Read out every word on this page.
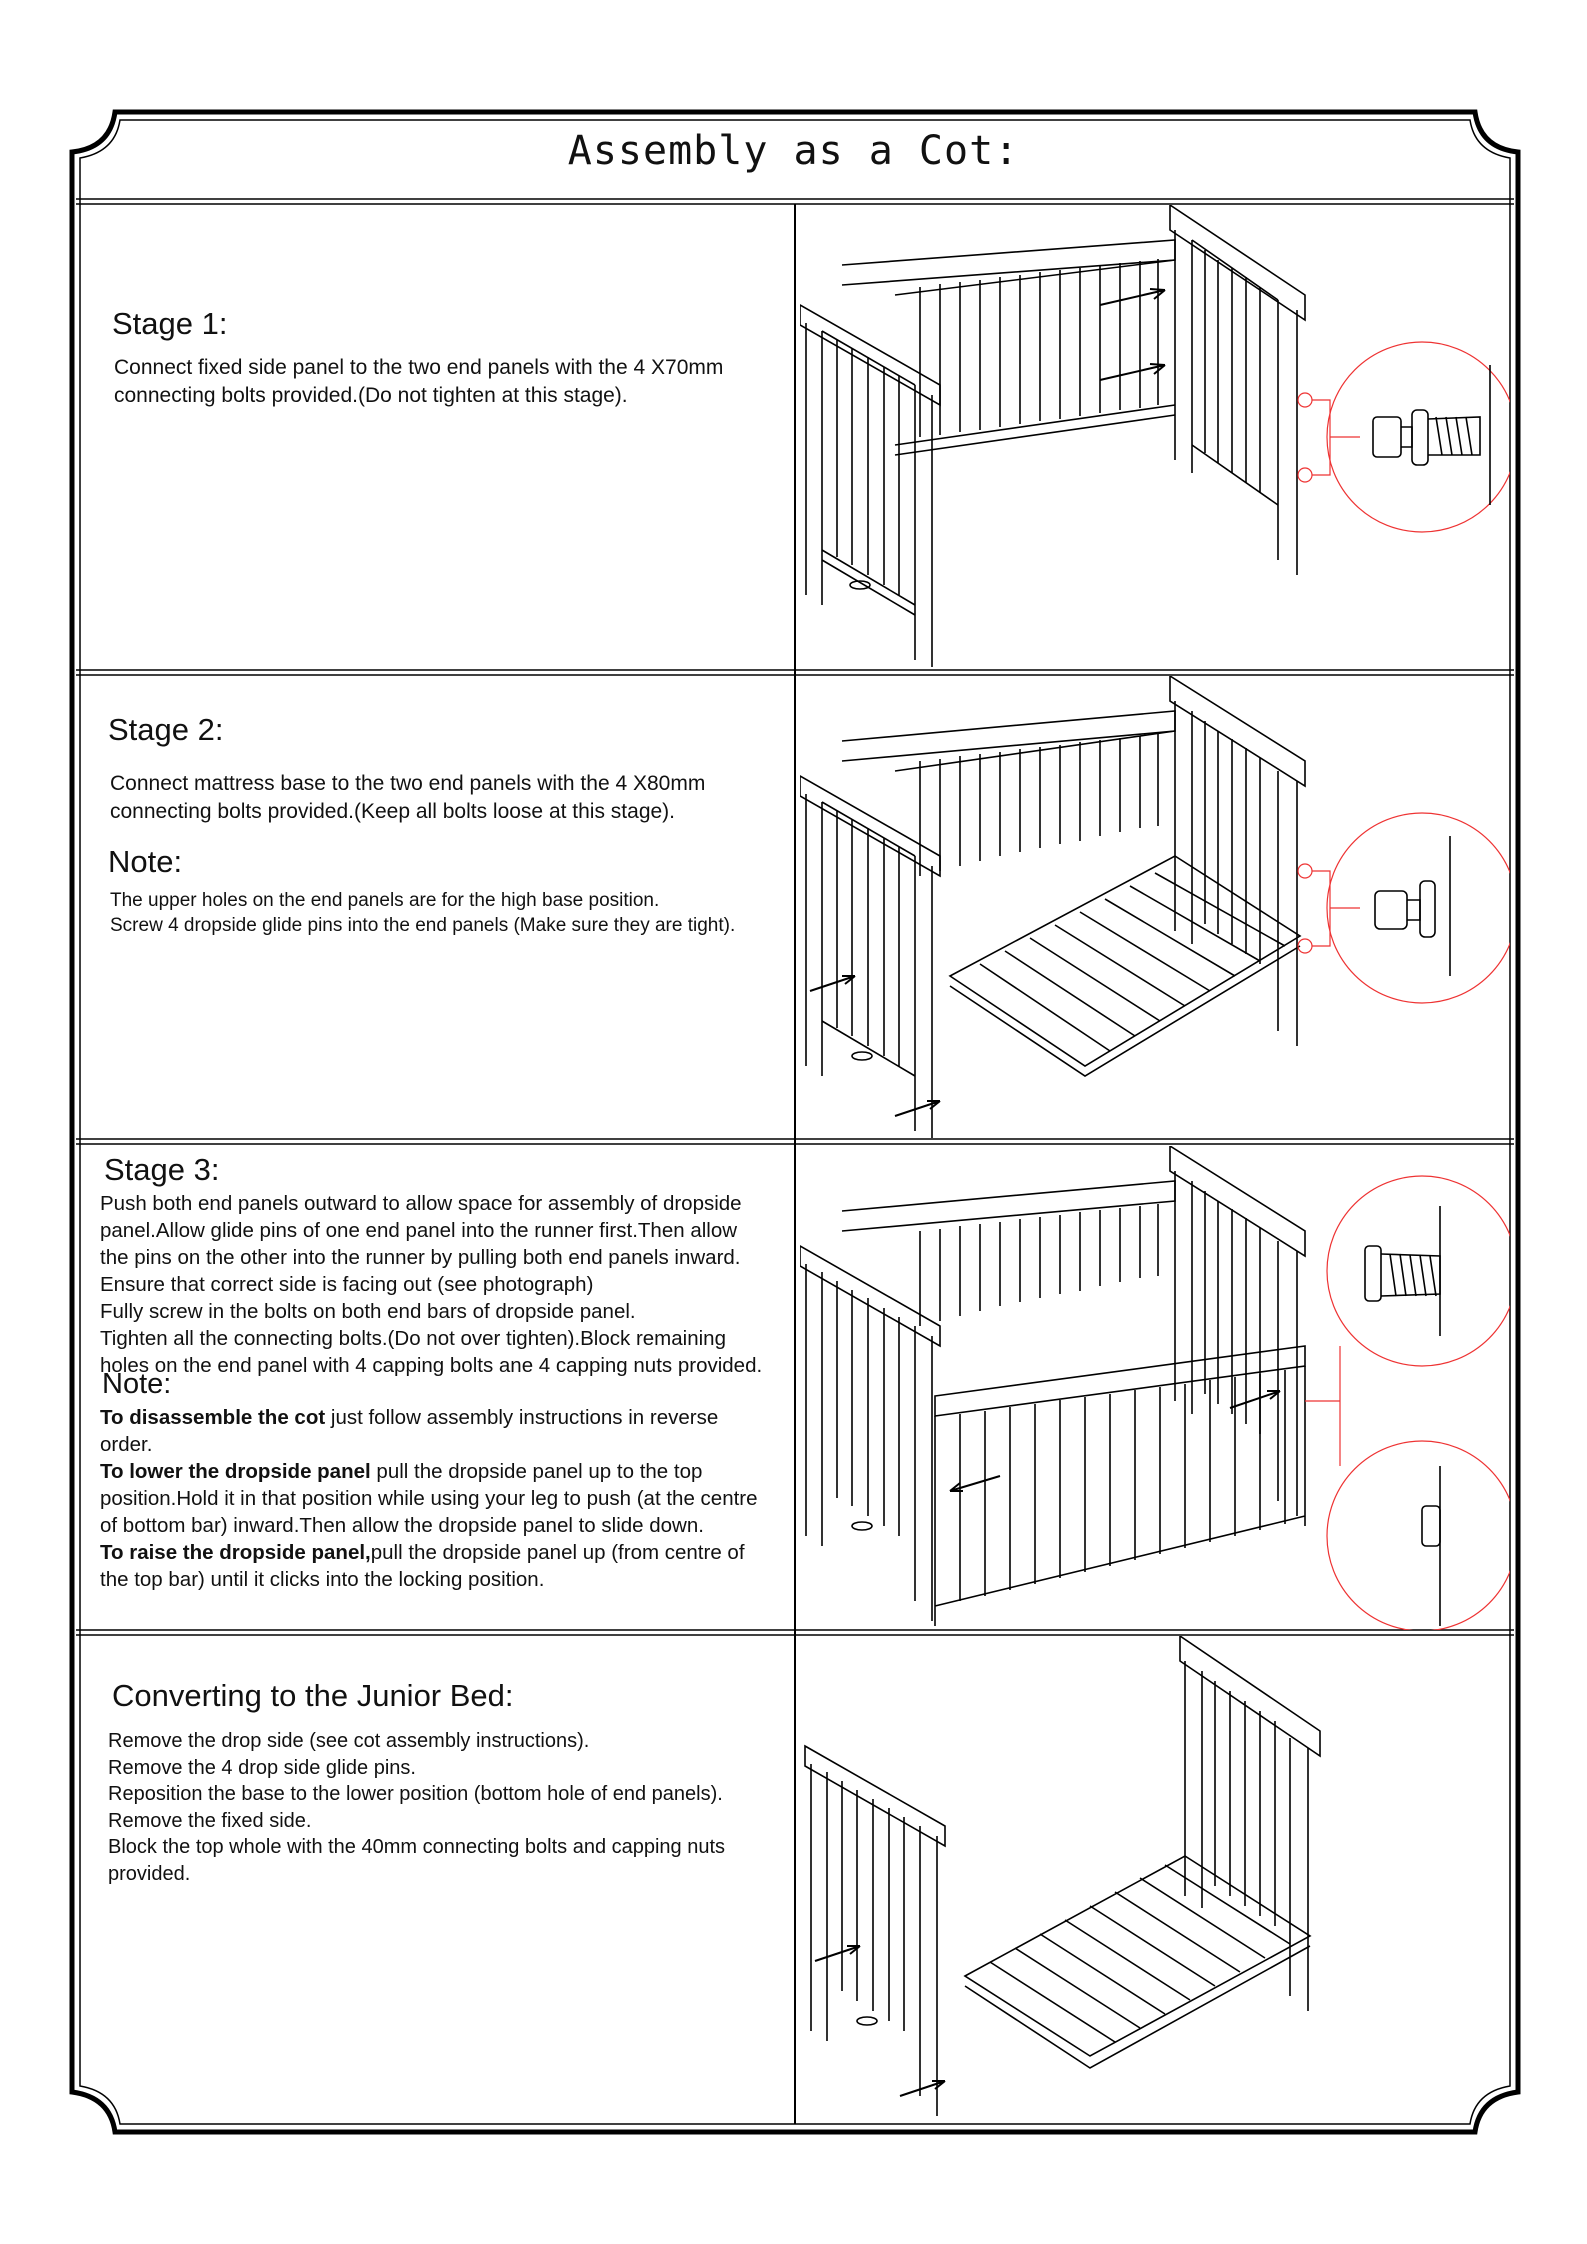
Assembly as a Cot:
Stage 1:

Connect fixed side panel to the two end panels with the 4 X70mm

connecting bolts provided.(Do not tighten at this stage).

Stage 2:

Connect mattress base to the two end panels with the 4 X80mm

connecting bolts provided.(Keep all bolts loose at this stage).

Note:

The upper holes on the end panels are for the high base position.

Screw 4 dropside glide pins into the end panels (Make sure they are tight).

Stage 3:

Push both end panels outward to allow space for assembly of dropside

panel.Allow glide pins of one end panel into the runner first.Then allow

the pins on the other into the runner by pulling both end panels inward.

Ensure that correct side is facing out (see photograph)

Fully screw in the bolts on both end bars of dropside panel.

Tighten all the connecting bolts.(Do not over tighten).Block remaining

holes on the end panel with 4 capping bolts ane 4 capping nuts provided.

Note:

To disassemble the cot just follow assembly instructions in reverse

order.

To lower the dropside panel pull the dropside panel up to the top

position.Hold it in that position while using your leg to push (at the centre

of bottom bar) inward.Then allow the dropside panel to slide down.

To raise the dropside panel,pull the dropside panel up (from centre of

the top bar) until it clicks into the locking position.

Converting to the Junior Bed:

Remove the drop side (see cot assembly instructions).

Remove the 4 drop side glide pins.

Reposition the base to the lower position (bottom hole of end panels).

Remove the fixed side.

Block the top whole with the 40mm connecting bolts and capping nuts

provided.
